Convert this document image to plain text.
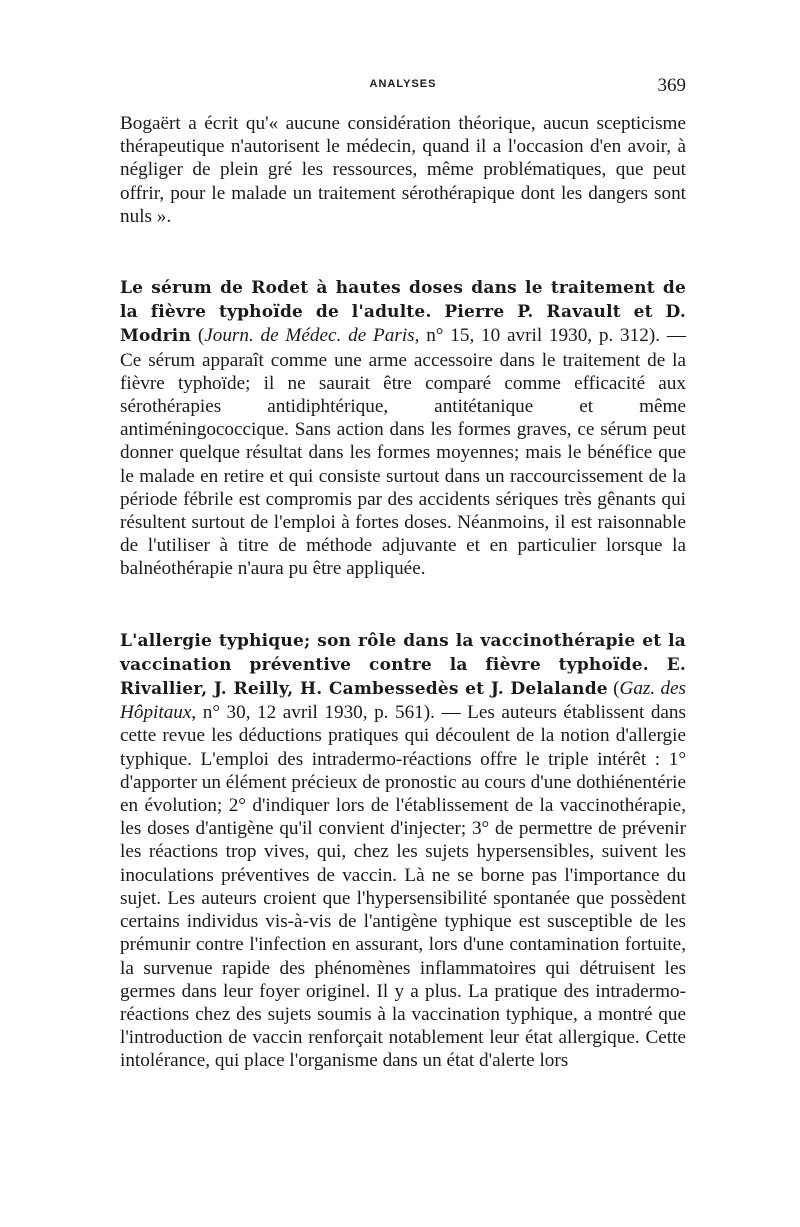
ANALYSES	369

Bogaërt a écrit qu'« aucune considération théorique, aucun scepticisme thérapeutique n'autorisent le médecin, quand il a l'occasion d'en avoir, à négliger de plein gré les ressources, même problématiques, que peut offrir, pour le malade un traitement sérothérapique dont les dangers sont nuls ».

Le sérum de Rodet à hautes doses dans le traitement de la fièvre typhoïde de l'adulte. Pierre P. Ravault et D. Modrin (Journ. de Médec. de Paris, n° 15, 10 avril 1930, p. 312). — Ce sérum apparaît comme une arme accessoire dans le traitement de la fièvre typhoïde; il ne saurait être comparé comme efficacité aux sérothérapies antidiphtérique, antitétanique et même antiméningococcique. Sans action dans les formes graves, ce sérum peut donner quelque résultat dans les formes moyennes; mais le bénéfice que le malade en retire et qui consiste surtout dans un raccourcissement de la période fébrile est compromis par des accidents sériques très gênants qui résultent surtout de l'emploi à fortes doses. Néanmoins, il est raisonnable de l'utiliser à titre de méthode adjuvante et en particulier lorsque la balnéothérapie n'aura pu être appliquée.

L'allergie typhique; son rôle dans la vaccinothérapie et la vaccination préventive contre la fièvre typhoïde. E. Rivallier, J. Reilly, H. Cambessedès et J. Delalande (Gaz. des Hôpitaux, n° 30, 12 avril 1930, p. 561). — Les auteurs établissent dans cette revue les déductions pratiques qui découlent de la notion d'allergie typhique. L'emploi des intradermo-réactions offre le triple intérêt : 1° d'apporter un élément précieux de pronostic au cours d'une dothiénentérie en évolution; 2° d'indiquer lors de l'établissement de la vaccinothérapie, les doses d'antigène qu'il convient d'injecter; 3° de permettre de prévenir les réactions trop vives, qui, chez les sujets hypersensibles, suivent les inoculations préventives de vaccin. Là ne se borne pas l'importance du sujet. Les auteurs croient que l'hypersensibilité spontanée que possèdent certains individus vis-à-vis de l'antigène typhique est susceptible de les prémunir contre l'infection en assurant, lors d'une contamination fortuite, la survenue rapide des phénomènes inflammatoires qui détruisent les germes dans leur foyer originel. Il y a plus. La pratique des intradermo-réactions chez des sujets soumis à la vaccination typhique, a montré que l'introduction de vaccin renforçait notablement leur état allergique. Cette intolérance, qui place l'organisme dans un état d'alerte lors
